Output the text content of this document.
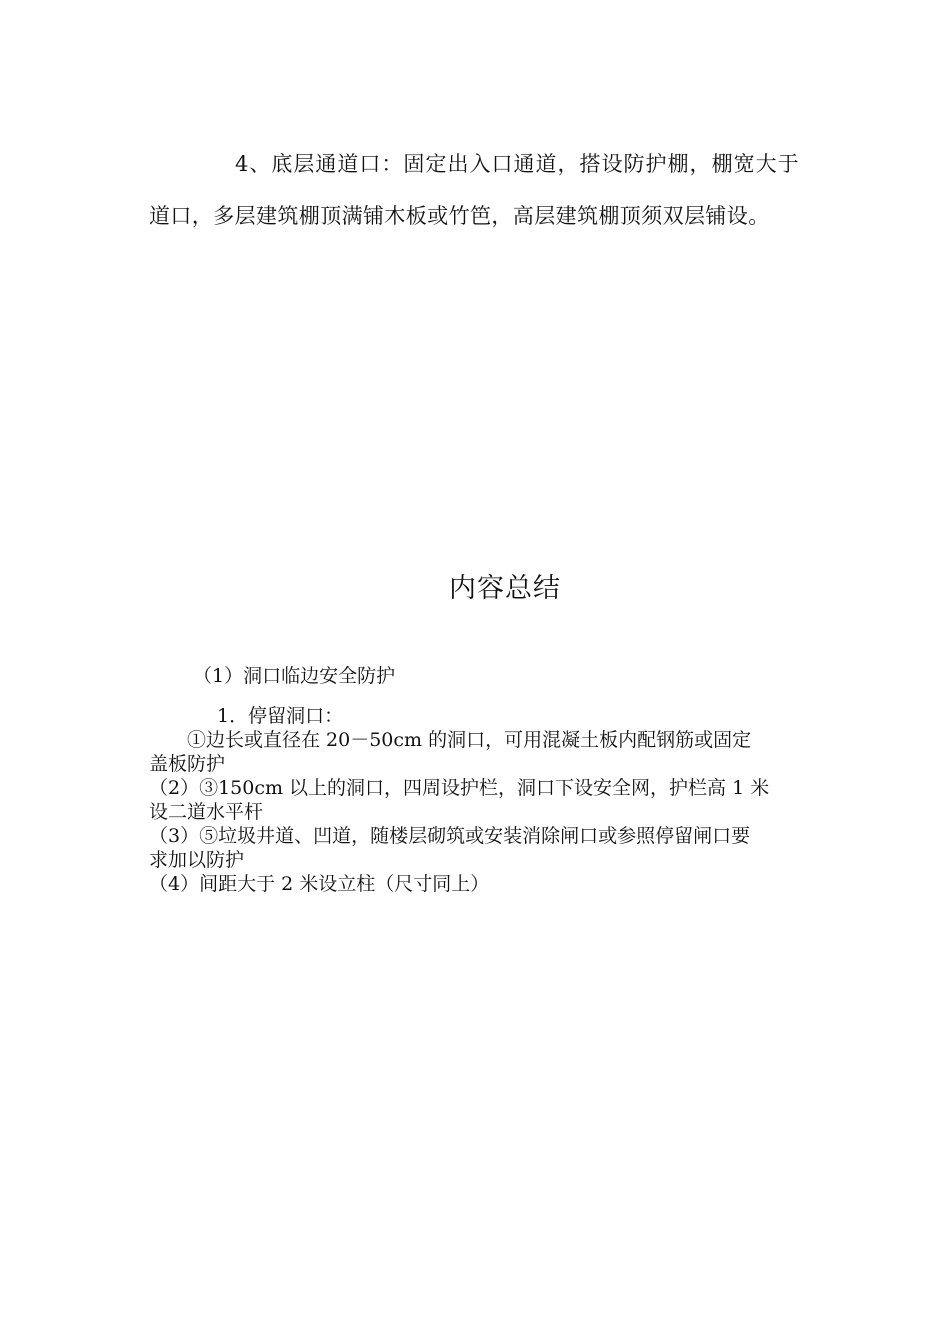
4、底层通道口：固定出入口通道，搭设防护棚，棚宽大于道口，多层建筑棚顶满铺木板或竹笆，高层建筑棚顶须双层铺设。

内容总结
（1）洞口临边安全防护
1．停留洞口：
①边长或直径在 20－50cm 的洞口，可用混凝土板内配钢筋或固定
盖板防护
（2）③150cm 以上的洞口，四周设护栏，洞口下设安全网，护栏高 1 米
设二道水平杆
（3）⑤垃圾井道、凹道，随楼层砌筑或安装消除闸口或参照停留闸口要
求加以防护
（4）间距大于 2 米设立柱（尺寸同上）
